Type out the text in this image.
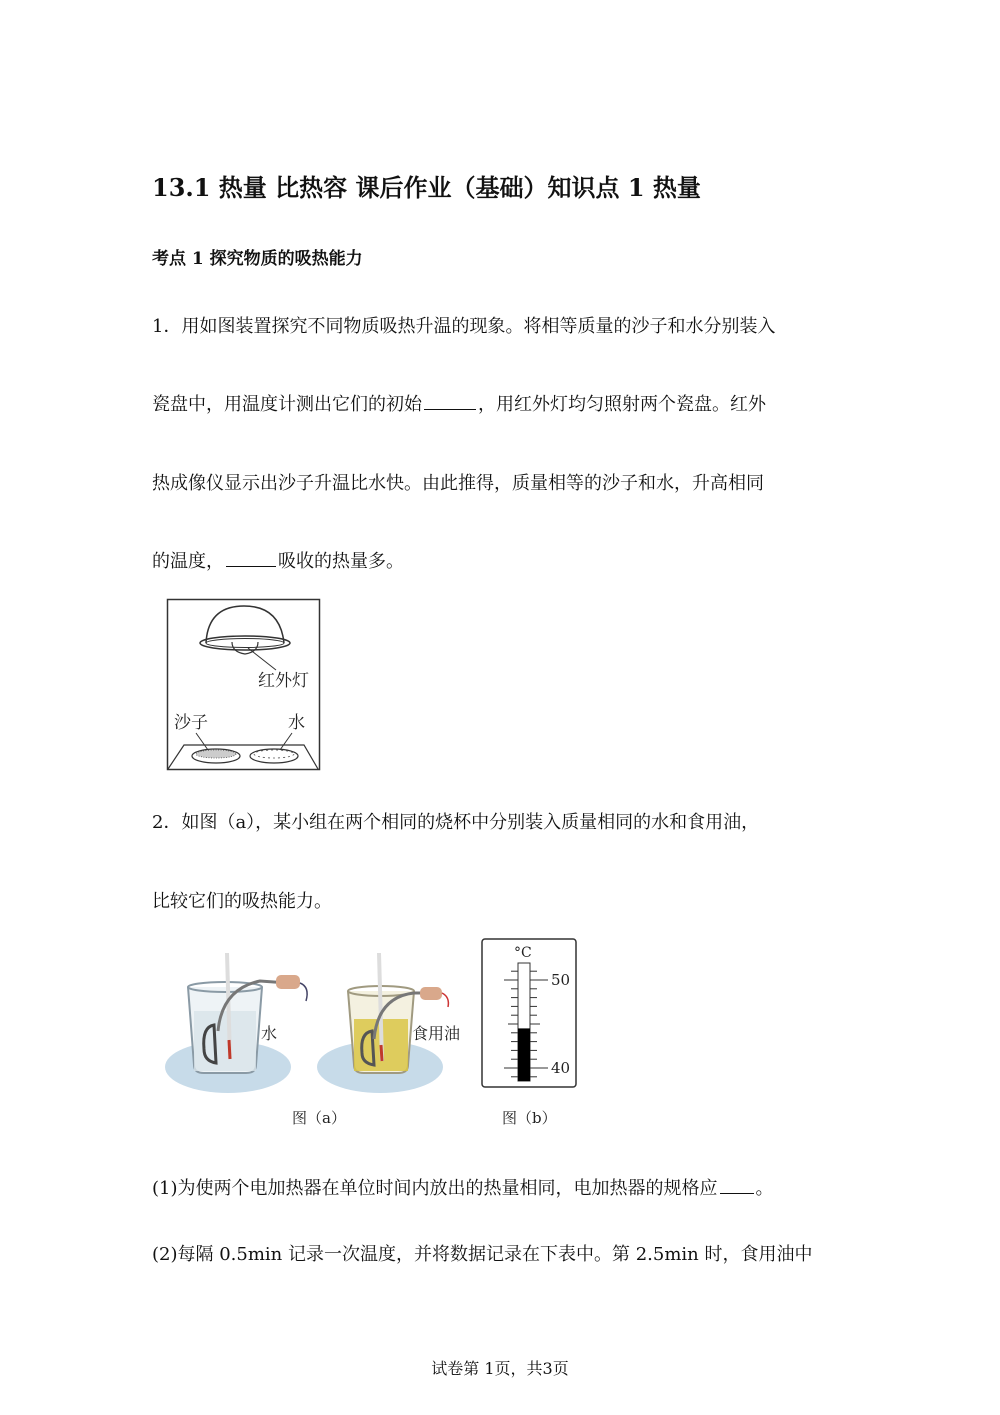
13.1 热量 比热容 课后作业（基础）知识点 1 热量
考点 1 探究物质的吸热能力
1．用如图装置探究不同物质吸热升温的现象。将相等质量的沙子和水分别装入
瓷盘中，用温度计测出它们的初始	，用红外灯均匀照射两个瓷盘。红外
热成像仪显示出沙子升温比水快。由此推得，质量相等的沙子和水，升高相同
的温度，	吸收的热量多。
红外灯
沙子	水
2．如图（a），某小组在两个相同的烧杯中分别装入质量相同的水和食用油，
比较它们的吸热能力。
水	食用油
图（a）
°C
50
40
图（b）
(1)为使两个电加热器在单位时间内放出的热量相同，电加热器的规格应 。
(2)每隔 0.5min 记录一次温度，并将数据记录在下表中。第 2.5min 时，食用油中
试卷第 1页，共3页
